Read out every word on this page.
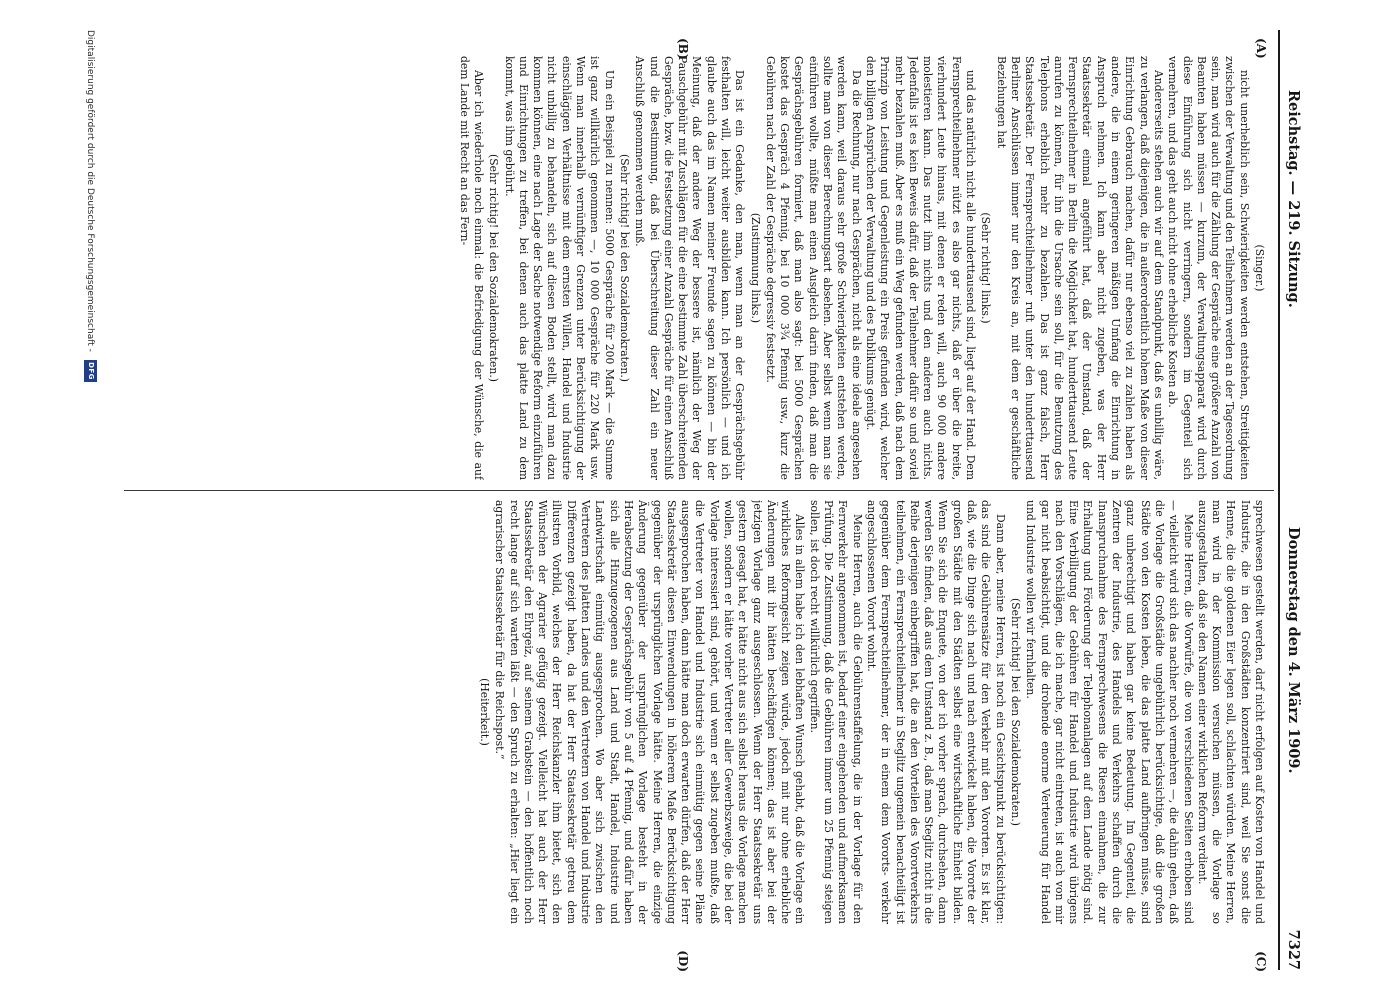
Reichstag. — 219. Sitzung.
Donnerstag den 4. März 1909.
7327
(A)
(B)
(C)
(D)

(Singer.)

nicht unerheblich sein, Schwierigkeiten werden entstehen, Streitigkeiten zwischen der Verwaltung und den Teilnehmern werden an der Tagesordnung sein, man wird auch für die Zählung der Gespräche eine größere Anzahl von Beamten haben müssen — kurzum, der Verwaltungsapparat wird durch diese Einführung sich nicht verringern, sondern im Gegenteil sich vermehren, und das geht auch nicht ohne erhebliche Kosten ab.

Andererseits stehen auch wir auf dem Standpunkt, daß es unbillig wäre, zu verlangen, daß diejenigen, die in außerordentlich hohem Maße von dieser Einrichtung Gebrauch machen, dafür nur ebenso viel zu zahlen haben als andere, die in einem geringeren mäßigen Umfang die Einrichtung in Anspruch nehmen. Ich kann aber nicht zugeben, was der Herr Staatssekretär einmal angeführt hat, daß der Umstand, daß der Fernsprechteilnehmer in Berlin die Möglichkeit hat, hunderttausend Leute anrufen zu können, für ihn die Ursache sein soll, für die Benutzung des Telephons erheblich mehr zu bezahlen. Das ist ganz falsch, Herr Staatssekretär. Der Fernsprechteilnehmer ruft unter den hunderttausend Berliner Anschlüssen immer nur den Kreis an, mit dem er geschäftliche Beziehungen hat

(Sehr richtig! links.)

und das natürlich nicht alle hunderttausend sind, liegt auf der Hand. Dem Fernsprechteilnehmer nützt es also gar nichts, daß er über die breite, vierhundert Leute hinaus, mit denen er reden will, auch 90 000 andere molestieren kann. Das nutzt ihm nichts und den anderen auch nichts. Jedenfalls ist es kein Beweis dafür, daß der Teilnehmer dafür so und soviel mehr bezahlen muß. Aber es muß ein Weg gefunden werden, daß nach dem Prinzip von Leistung und Gegenleistung ein Preis gefunden wird, welcher den billigen Ansprüchen der Verwaltung und des Publikums genügt.

Da die Rechnung, nur nach Gesprächen, nicht als eine ideale angesehen werden kann, weil daraus sehr große Schwierigkeiten entstehen werden, sollte man von dieser Berechnungsart absehen. Aber selbst wenn man sie einführen wollte, müßte man einen Ausgleich darin finden, daß man die Gesprächsgebühren formiert, daß man also sagt: bei 5000 Gesprächen kostet das Gespräch 4 Pfennig, bei 10 000 3¾ Pfennig usw., kurz die Gebühren nach der Zahl der Gespräche degressiv festsetzt.

(Zustimmung links.)

Das ist ein Gedanke, den man, wenn man an der Gesprächsgebühr festhalten will, leicht weiter ausbilden kann. Ich persönlich — und ich glaube auch das im Namen meiner Freunde sagen zu können — bin der Meinung, daß der andere Weg der bessere ist, nämlich der Weg der Pauschgebühr mit Zuschlägen für die eine bestimmte Zahl überschreitenden Gespräche, bzw. die Festsetzung einer Anzahl Gespräche für einen Anschluß und die Bestimmung, daß bei Überschreitung dieser Zahl ein neuer Anschluß genommen werden muß.

(Sehr richtig! bei den Sozialdemokraten.)

Um ein Beispiel zu nennen: 5000 Gespräche für 200 Mark — die Summe ist ganz willkürlich genommen —, 10 000 Gespräche für 220 Mark usw. Wenn man innerhalb vernünftiger Grenzen unter Berücksichtigung der einschlägigen Verhältnisse mit dem ernsten Willen, Handel und Industrie nicht unbillig zu behandeln, sich auf diesen Boden stellt, wird man dazu kommen können, eine nach Lage der Sache notwendige Reform einzuführen und Einrichtungen zu treffen, bei denen auch das platte Land zu dem kommt, was ihm gebührt.

(Sehr richtig! bei den Sozialdemokraten.)

Aber ich wiederhole noch einmal: die Befriedigung der Wünsche, die auf dem Lande mit Recht an das Fern-

sprechwesen gestellt werden, darf nicht erfolgen auf Kosten von Handel und Industrie, die in den Großstädten konzentriert sind, weil Sie sonst die Henne, die die goldenen Eier legen soll, schlachten würden. Meine Herren, man wird in der Kommission versuchen müssen, die Vorlage so auszugestalten, daß sie den Namen einer wirklichen Reform verdient.

Meine Herren, die Vorwürfe, die von verschiedenen Seiten erhoben sind — vielleicht wird sich das nachher noch vermehren —, die dahin gehen, daß die Vorlage die Großstädte ungebührlich berücksichtige, daß die großen Städte von den Kosten leben, die das platte Land aufbringen müsse, sind ganz unberechtigt und haben gar keine Bedeutung. Im Gegenteil, die Zentren der Industrie, des Handels und Verkehrs schaffen durch die Inanspruchnahme des Fernsprechwesens die Riesen einnahmen, die zur Erhaltung und Förderung der Telephonanlagen auf dem Lande nötig sind. Eine Verbilligung der Gebühren für Handel und Industrie wird übrigens nach den Vorschlägen, die ich mache, gar nicht eintreten, ist auch von mir gar nicht beabsichtigt, und die drohende enorme Verteuerung für Handel und Industrie wollen wir fernhalten.

(Sehr richtig! bei den Sozialdemokraten.)

Dann aber, meine Herren, ist noch ein Gesichtspunkt zu berücksichtigen: das sind die Gebührensätze für den Verkehr mit den Vororten. Es ist klar, daß, wie die Dinge sich nach und nach entwickelt haben, die Vororte der großen Städte mit den Städten selbst eine wirtschaftliche Einheit bilden. Wenn Sie sich die Enquete, von der ich vorher sprach, durchsehen, dann werden Sie finden, daß aus dem Umstand z. B., daß man Steglitz nicht in die Reihe derjenigen einbegriffen hat, die an den Vorteilen des Vorortverkehrs teilnehmen, ein Fernsprechteilnehmer in Steglitz ungemein benachteiligt ist gegenüber dem Fernsprechteilnehmer, der in einem dem Vororts- verkehr angeschlossenen Vorort wohnt.

Meine Herren, auch die Gebührenstaffelung, die in der Vorlage für den Fernverkehr angenommen ist, bedarf einer eingehenden und aufmerksamen Prüfung. Die Zustimmung, daß die Gebühren immer um 25 Pfennig steigen sollen, ist doch recht willkürlich gegriffen.

Alles in allem habe ich den lebhaften Wunsch gehabt, daß die Vorlage ein wirkliches Reformgesicht zeigen würde, jedoch mit nur ohne erhebliche Änderungen mit ihr hätten beschäftigen können; das ist aber bei der jetzigen Vorlage ganz ausgeschlossen. Wenn der Herr Staatssekretär uns gestern gesagt hat, er hätte nicht aus sich selbst heraus die Vorlage machen wollen, sondern er hätte vorher Vertreter aller Gewerbszweige, die bei der Vorlage interessiert sind, gehört, und wenn er selbst zugeben mußte, daß die Vertreter von Handel und Industrie sich einmütig gegen seine Pläne ausgesprochen haben, dann hätte man doch erwarten dürfen, daß der Herr Staatssekretär diesen Einwendungen in höherem Maße Berücksichtigung gegenüber der ursprünglichen Vorlage hätte. Meine Herren, die einzige Änderung gegenüber der ursprünglichen Vorlage besteht in der Herabsetzung der Gesprächsgebühr von 5 auf 4 Pfennig, und dafür haben sich alle Hinzugezogenen aus Land und Stadt, Handel, Industrie und Landwirtschaft einmütig ausgesprochen. Wo aber sich zwischen den Vertretern des platten Landes und den Vertretern von Handel und Industrie Differenzen gezeigt haben, da hat der Herr Staatssekretär getreu dem illustren Vorbild, welches der Herr Reichskanzler ihm bietet, sich den Wünschen der Agrarier gefügig gezeigt. Vielleicht hat auch der Herr Staatssekretär den Ehrgeiz, auf seinem Grabstein — den hoffentlich noch recht lange auf sich warten läßt — den Spruch zu erhalten: „Hier liegt ein agrarischer Staatssekretär für die Reichspost.“

(Heiterkeit.)

Digitalisierung gefördert durch die Deutsche Forschungsgemeinschaft -
DFG
